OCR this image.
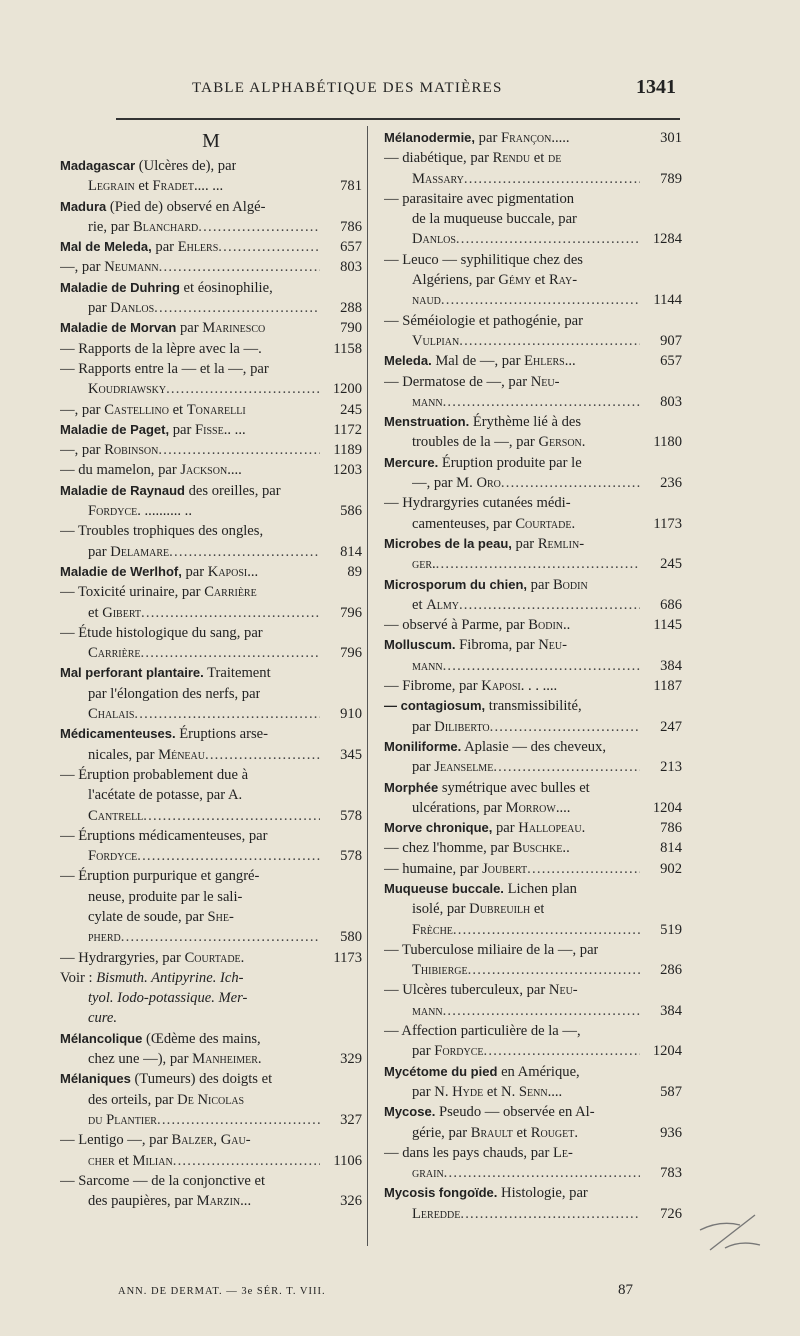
TABLE ALPHABÉTIQUE DES MATIÈRES	1341
M
Madagascar (Ulcères de), par
Legrain et Fradet.... ...	781
Madura (Pied de) observé en Algé-
rie, par Blanchard .....	786
Mal de Meleda, par Ehlers .....	657
—, par Neumann .....	803
Maladie de Duhring et éosinophilie,
par Danlos .....	288
Maladie de Morvan par Marinesco	790
— Rapports de la lèpre avec la —.	1158
— Rapports entre la — et la —, par
Koudriawsky .....	1200
—, par Castellino et Tonarelli	245
Maladie de Paget, par Fisse.. ...	1172
—, par Robinson .....	1189
— du mamelon, par Jackson....	1203
Maladie de Raynaud des oreilles, par
Fordyce. .......... ..	586
— Troubles trophiques des ongles,
par Delamare .....	814
Maladie de Werlhof, par Kaposi...	89
— Toxicité urinaire, par Carrière
et Gibert .....	796
— Étude histologique du sang, par
Carrière .....	796
Mal perforant plantaire. Traitement
par l'élongation des nerfs, par
Chalais .....	910
Médicamenteuses. Éruptions arse-
nicales, par Méneau .....	345
— Éruption probablement due à
l'acétate de potasse, par A.
Cantrell .....	578
— Éruptions médicamenteuses, par
Fordyce .....	578
— Éruption purpurique et gangré-
neuse, produite par le sali-
cylate de soude, par She-
pherd .....	580
— Hydrargyries, par Courtade.	1173
Voir : Bismuth. Antipyrine. Ich-
tyol. Iodo-potassique. Mer-
cure.
Mélancolique (Œdème des mains,
chez une —), par Manheimer.	329
Mélaniques (Tumeurs) des doigts et
des orteils, par De Nicolas
du Plantier .....	327
— Lentigo —, par Balzer, Gau-
cher et Milian .....	1106
— Sarcome — de la conjonctive et
des paupières, par Marzin...	326
Mélanodermie, par Françon.....	301
— diabétique, par Rendu et de
Massary .....	789
— parasitaire avec pigmentation
de la muqueuse buccale, par
Danlos .....	1284
— Leuco — syphilitique chez des
Algériens, par Gémy et Ray-
naud .....	1144
— Séméiologie et pathogénie, par
Vulpian .....	907
Meleda. Mal de —, par Ehlers...	657
— Dermatose de —, par Neu-
mann .....	803
Menstruation. Érythème lié à des
troubles de la —, par Gerson.	1180
Mercure. Éruption produite par le
—, par M. Oro .....	236
— Hydrargyries cutanées médi-
camenteuses, par Courtade.	1173
Microbes de la peau, par Remlin-
ger. .....	245
Microsporum du chien, par Bodin
et Almy .....	686
— observé à Parme, par Bodin..	1145
Molluscum. Fibroma, par Neu-
mann .....	384
— Fibrome, par Kaposi. . . ....	1187
— contagiosum, transmissibilité,
par Diliberto .....	247
Moniliforme. Aplasie — des cheveux,
par Jeanselme .....	213
Morphée symétrique avec bulles et
ulcérations, par Morrow....	1204
Morve chronique, par Hallopeau.	786
— chez l'homme, par Buschke..	814
— humaine, par Joubert .....	902
Muqueuse buccale. Lichen plan
isolé, par Dubreuilh et
Frèche .....	519
— Tuberculose miliaire de la —, par
Thibierge .....	286
— Ulcères tuberculeux, par Neu-
mann .....	384
— Affection particulière de la —,
par Fordyce .....	1204
Mycétome du pied en Amérique,
par N. Hyde et N. Senn....	587
Mycose. Pseudo — observée en Al-
gérie, par Brault et Rouget.	936
— dans les pays chauds, par Le-
grain .....	783
Mycosis fongoïde. Histologie, par
Leredde .....	726
ANN. DE DERMAT. — 3e SÉR. T. VIII.	87
